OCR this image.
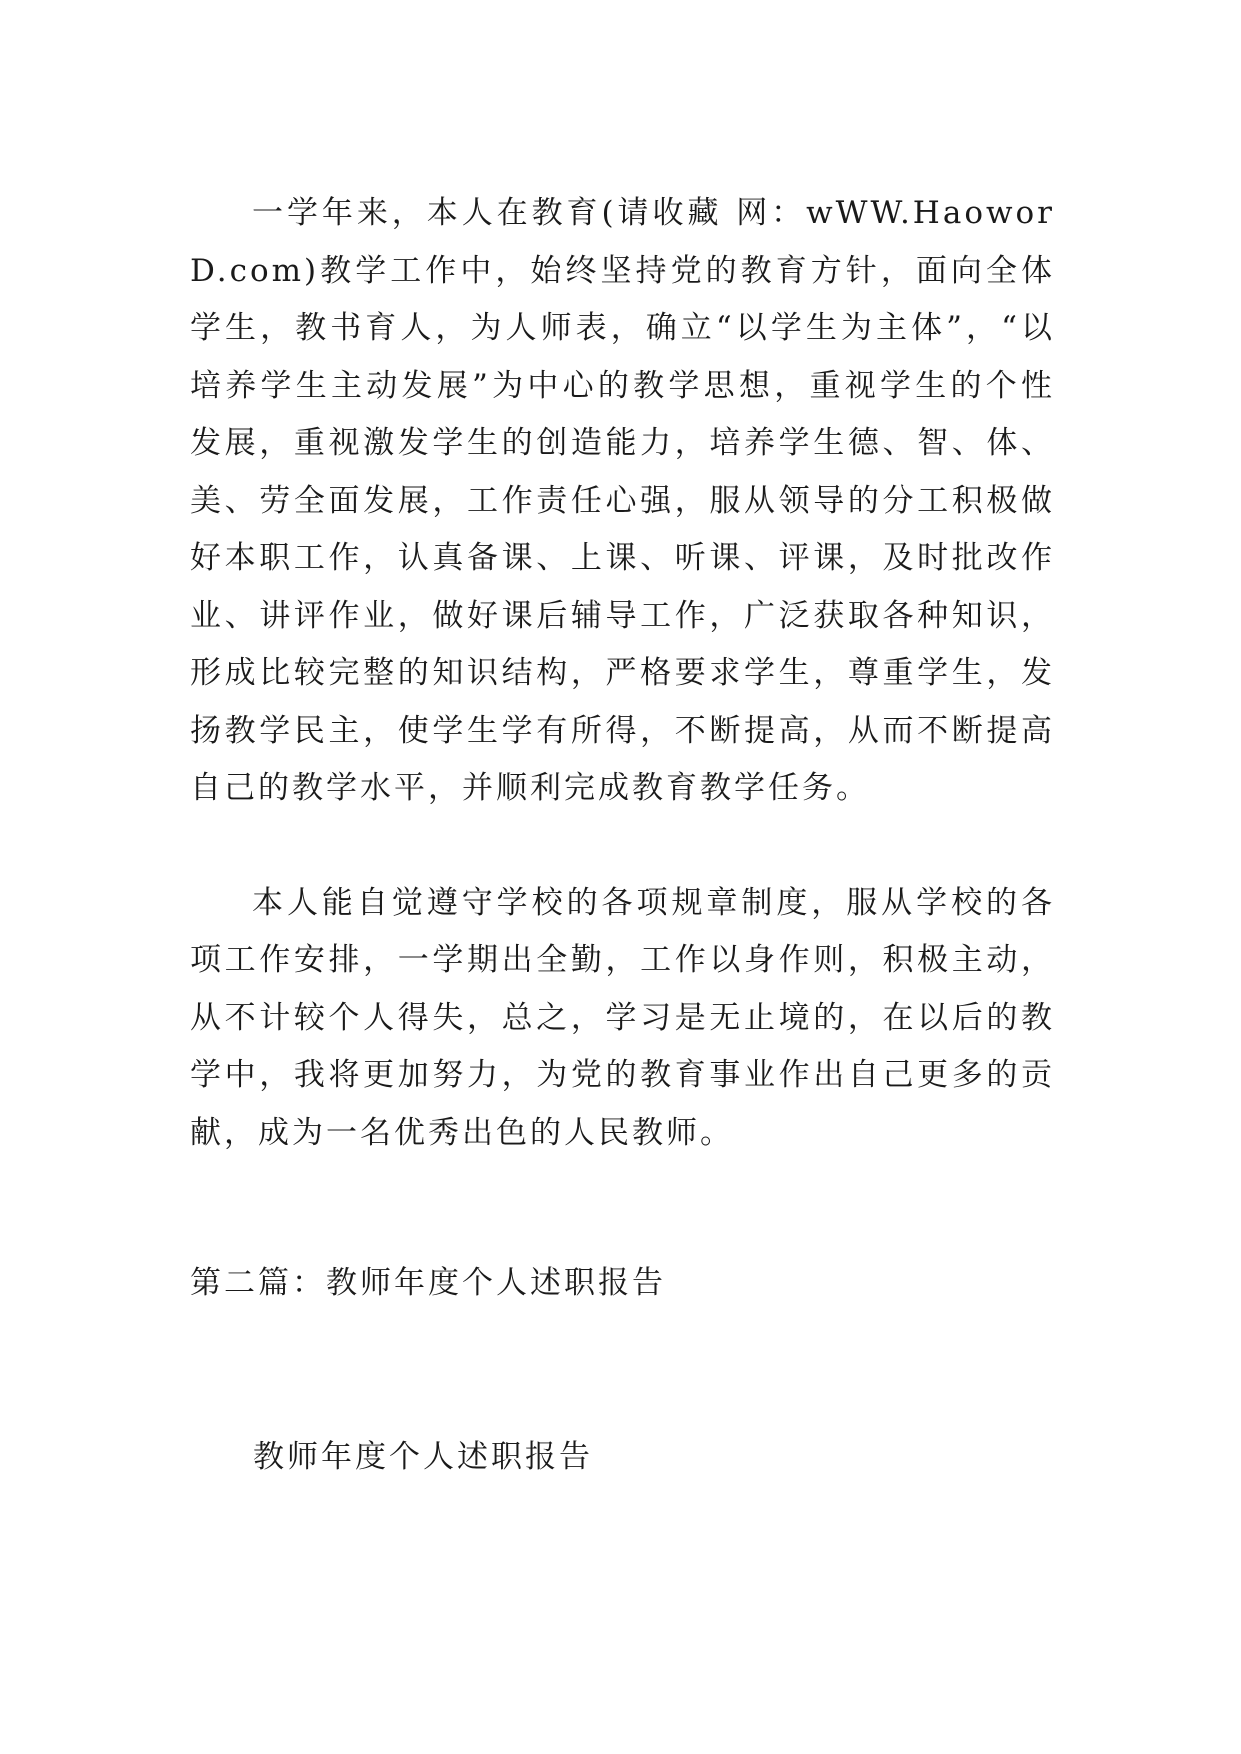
一学年来，本人在教育(请收藏 网：wWW.HaoworD.com)教学工作中，始终坚持党的教育方针，面向全体学生，教书育人，为人师表，确立“以学生为主体”，“以培养学生主动发展”为中心的教学思想，重视学生的个性发展，重视激发学生的创造能力，培养学生德、智、体、美、劳全面发展，工作责任心强，服从领导的分工积极做好本职工作，认真备课、上课、听课、评课，及时批改作业、讲评作业，做好课后辅导工作，广泛获取各种知识，形成比较完整的知识结构，严格要求学生，尊重学生，发扬教学民主，使学生学有所得，不断提高，从而不断提高自己的教学水平，并顺利完成教育教学任务。

本人能自觉遵守学校的各项规章制度，服从学校的各项工作安排，一学期出全勤，工作以身作则，积极主动，从不计较个人得失，总之，学习是无止境的，在以后的教学中，我将更加努力，为党的教育事业作出自己更多的贡献，成为一名优秀出色的人民教师。

第二篇：教师年度个人述职报告
教师年度个人述职报告
